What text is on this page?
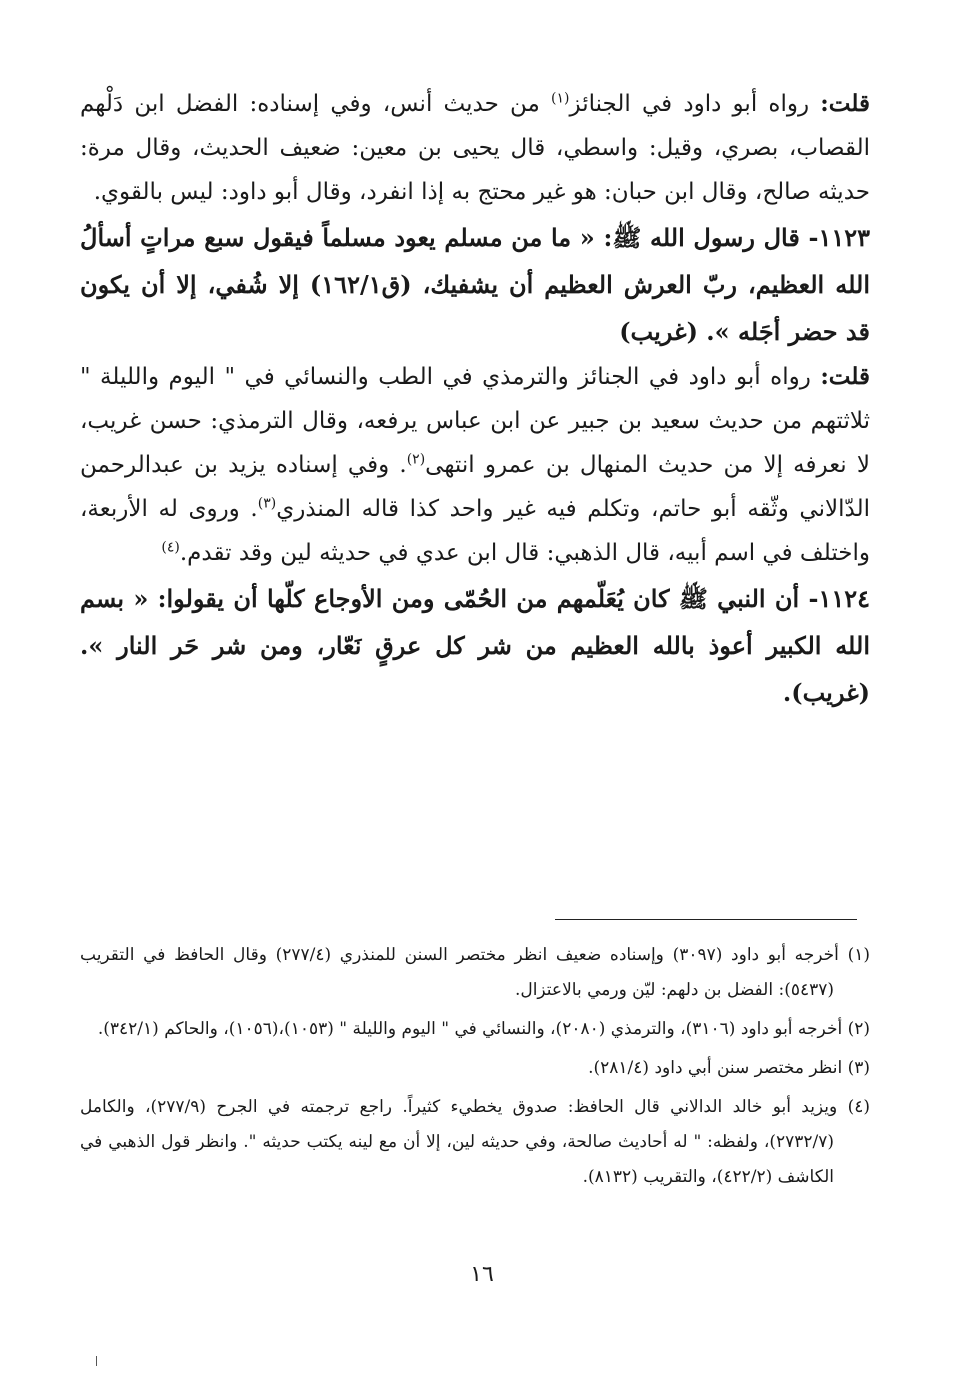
قلت: رواه أبو داود في الجنائز$^{(١)}$ من حديث أنس، وفي إسناده: الفضل ابن دَلْهم القصاب، بصري، وقيل: واسطي، قال يحيى بن معين: ضعيف الحديث، وقال مرة: حديثه صالح، وقال ابن حبان: هو غير محتج به إذا انفرد، وقال أبو داود: ليس بالقوي.

١١٢٣- قال رسول الله ﷺ: « ما من مسلم يعود مسلماً فيقول سبع مراتٍ أسألُ الله العظيم، ربّ العرش العظيم أن يشفيك، (ق١٦٢/١) إلا شُفي، إلا أن يكون قد حضر أجَله ». (غريب)

قلت: رواه أبو داود في الجنائز والترمذي في الطب والنسائي في " اليوم والليلة " ثلاثتهم من حديث سعيد بن جبير عن ابن عباس يرفعه، وقال الترمذي: حسن غريب، لا نعرفه إلا من حديث المنهال بن عمرو انتهى$^{(٢)}$. وفي إسناده يزيد بن عبدالرحمن الدّالاني وثّقه أبو حاتم، وتكلم فيه غير واحد كذا قاله المنذري$^{(٣)}$. وروى له الأربعة، واختلف في اسم أبيه، قال الذهبي: قال ابن عدي في حديثه لين وقد تقدم.$^{(٤)}$

١١٢٤- أن النبي ﷺ كان يُعَلّمهم من الحُمّى ومن الأوجاع كلّها أن يقولوا: « بسم الله الكبير أعوذ بالله العظيم من شر كل عرقٍ نَعّار، ومن شر حَر النار ». (غريب).

(١) أخرجه أبو داود (٣٠٩٧) وإسناده ضعيف انظر مختصر السنن للمنذري (٢٧٧/٤) وقال الحافظ في التقريب (٥٤٣٧): الفضل بن دلهم: ليّن ورمي بالاعتزال.

(٢) أخرجه أبو داود (٣١٠٦)، والترمذي (٢٠٨٠)، والنسائي في " اليوم والليلة " (١٠٥٣)،(١٠٥٦)، والحاكم (٣٤٢/١).

(٣) انظر مختصر سنن أبي داود (٢٨١/٤).

(٤) ويزيد أبو خالد الدالاني قال الحافظ: صدوق يخطيء كثيراً. راجع ترجمته في الجرح (٢٧٧/٩)، والكامل (٢٧٣٢/٧)، ولفظه: " له أحاديث صالحة، وفي حديثه لين، إلا أن مع لينه يكتب حديثه ". وانظر قول الذهبي في الكاشف (٤٢٢/٢)، والتقريب (٨١٣٢).

١٦
